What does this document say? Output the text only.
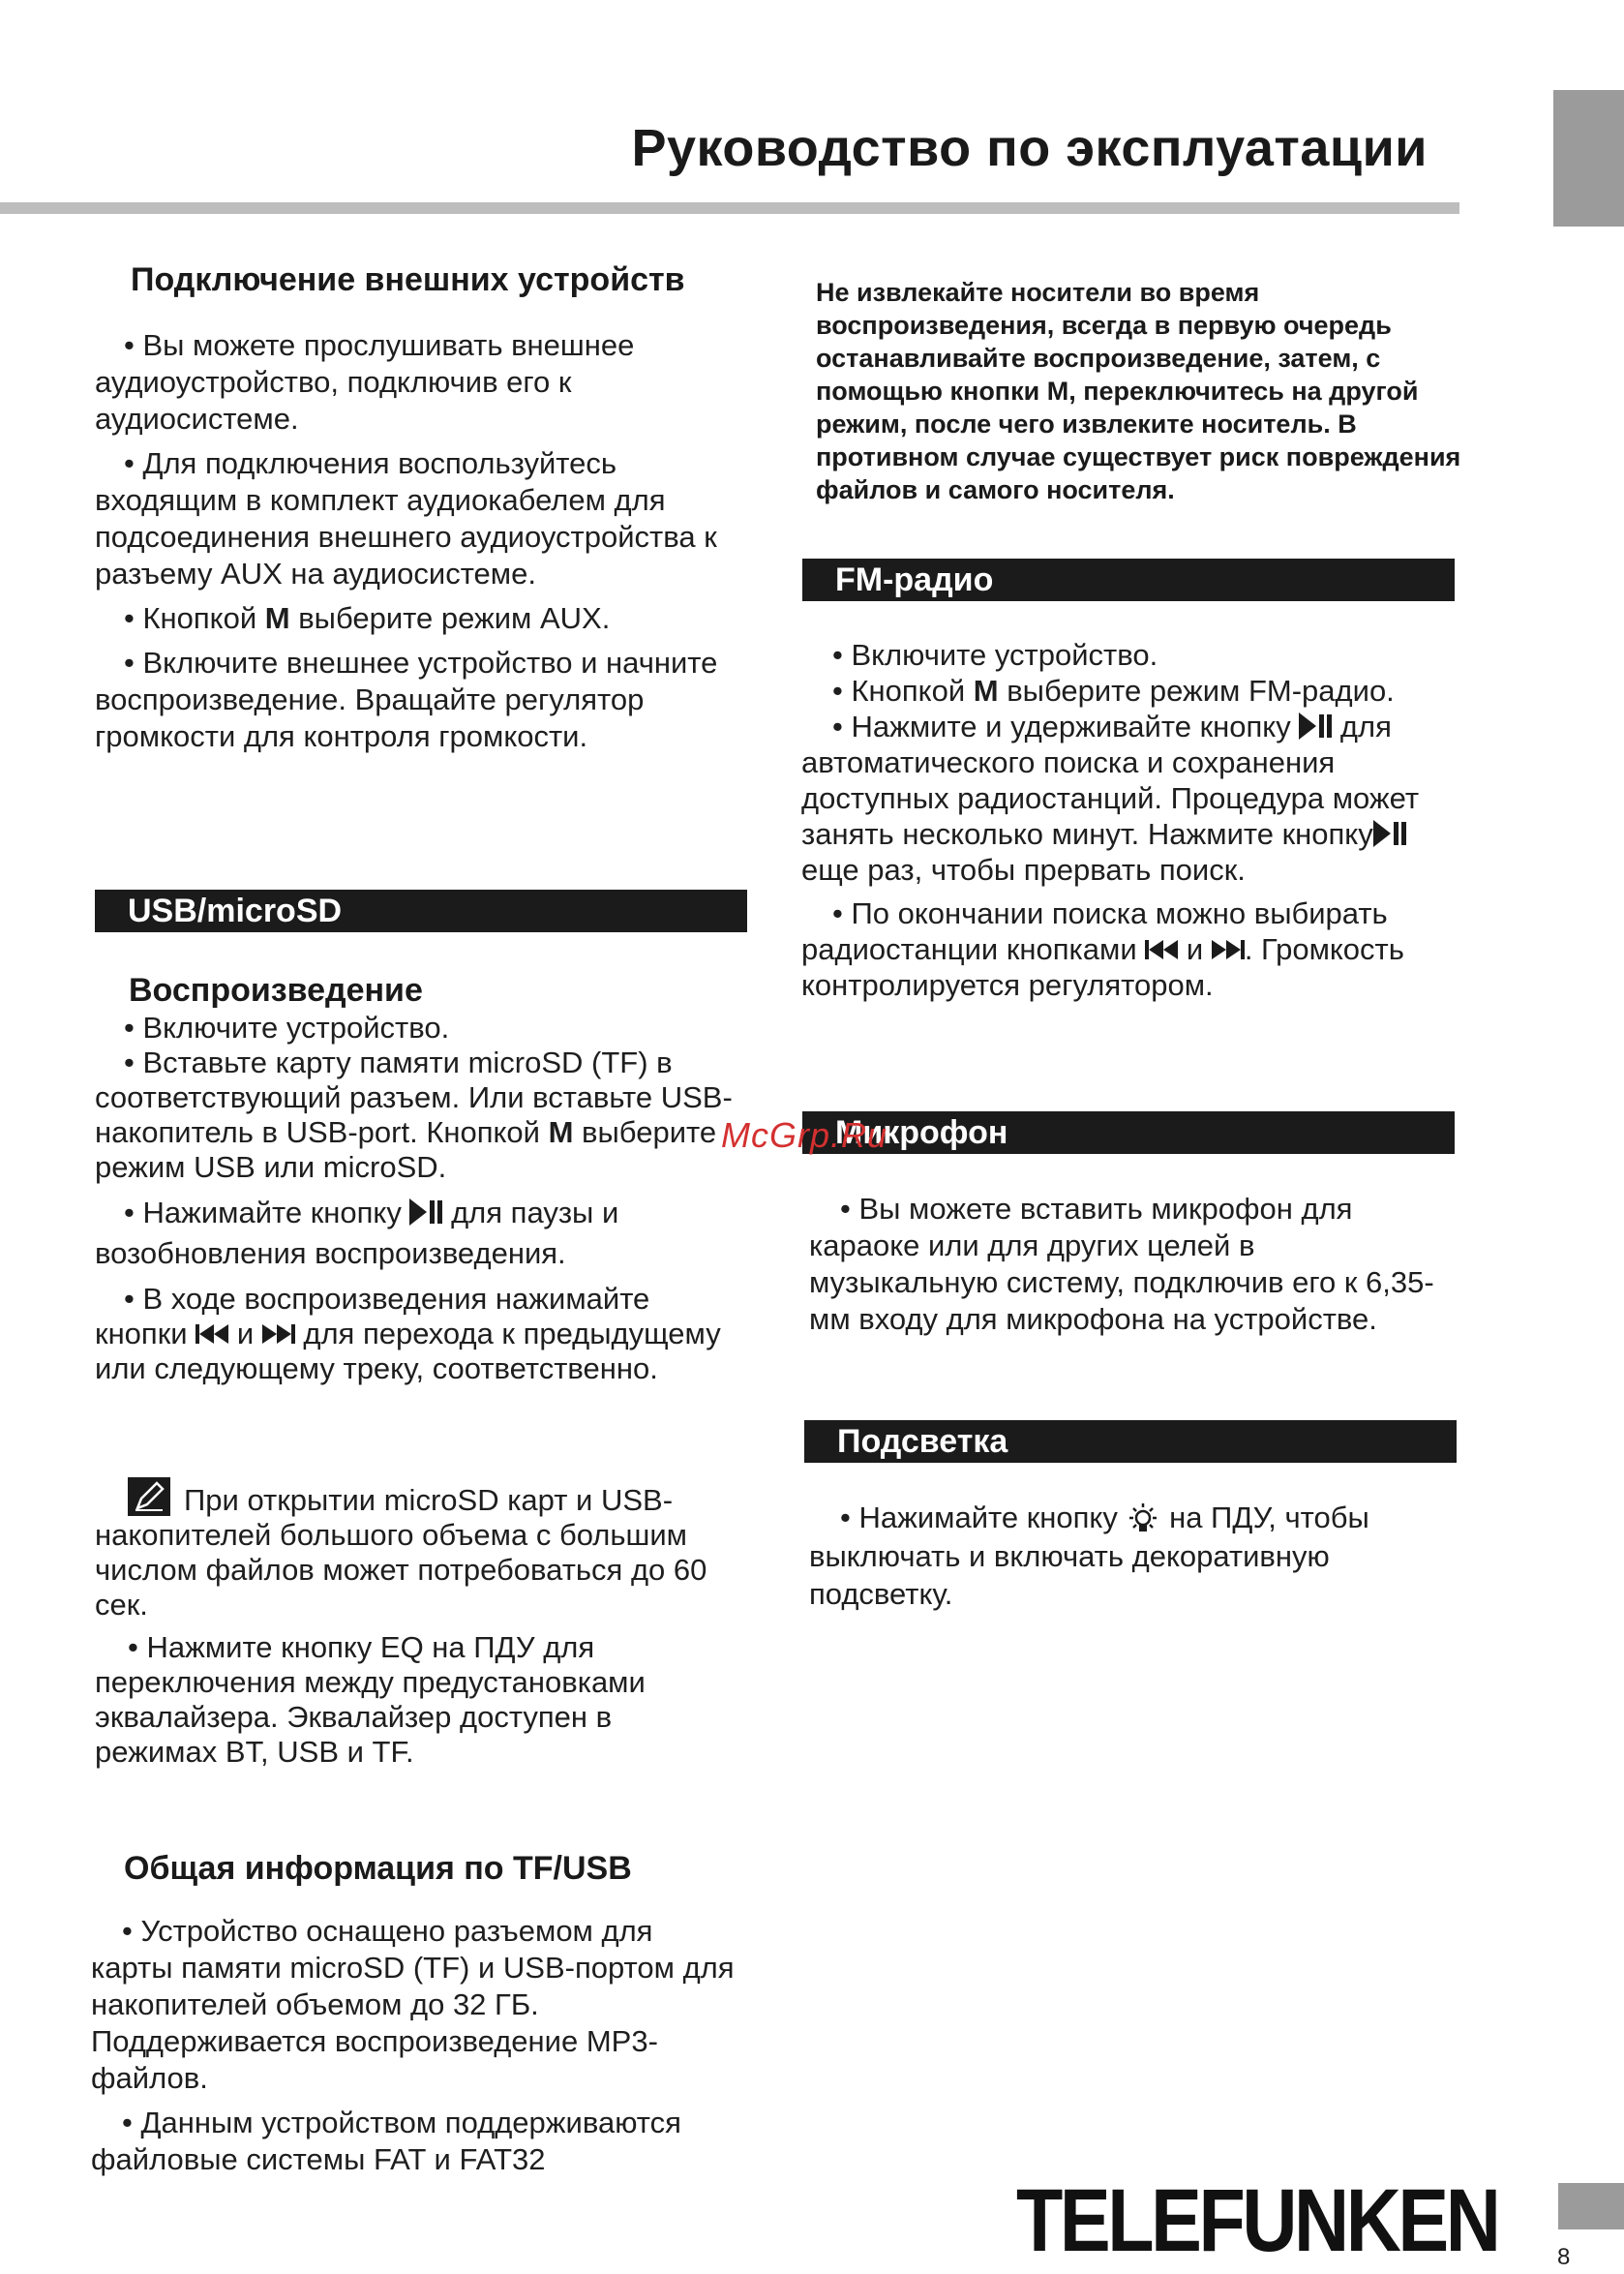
Руководство по эксплуатации
McGrp.Ru
Подключение внешних устройств

• Вы можете прослушивать внешнее аудиоустройство, подключив его к аудиосистеме.

• Для подключения воспользуйтесь входящим в комплект аудиокабелем для подсоединения внешнего аудиоустройства к разъему AUX на аудиосистеме.

• Кнопкой M выберите режим AUX.

• Включите внешнее устройство и начните воспроизведение. Вращайте регулятор громкости для контроля громкости.

USB/microSD
Воспроизведение

• Включите устройство.

• Вставьте карту памяти microSD (TF) в соответствующий разъем. Или вставьте USB-накопитель в USB-port. Кнопкой M выберите режим USB или microSD.

• Нажимайте кнопку  для паузы и возобновления воспроизведения.

• В ходе воспроизведения нажимайте кнопки  и  для перехода к предыдущему или следующему треку, соответственно.

При открытии microSD карт и USB-накопителей большого объема с большим числом файлов может потребоваться до 60 сек.

• Нажмите кнопку EQ на ПДУ для переключения между предустановками эквалайзера. Эквалайзер доступен в режимах BT, USB и TF.

Общая информация по TF/USB

• Устройство оснащено разъемом для карты памяти microSD (TF) и USB-портом для накопителей объемом до 32 ГБ. Поддерживается воспроизведение MP3-файлов.

• Данным устройством поддерживаются файловые системы FAT и FAT32

Не извлекайте носители во время воспроизведения, всегда в первую очередь останавливайте воспроизведение, затем, с помощью кнопки M, переключитесь на другой режим, после чего извлеките носитель. В противном случае существует риск повреждения файлов и самого носителя.
FM-радио

• Включите устройство.

• Кнопкой M выберите режим FM-радио.

• Нажмите и удерживайте кнопку  для автоматического поиска и сохранения доступных радиостанций. Процедура может занять несколько минут. Нажмите кнопку еще раз, чтобы прервать поиск.

• По окончании поиска можно выбирать радиостанции кнопками  и . Громкость контролируется регулятором.

Микрофон

• Вы можете вставить микрофон для караоке или для других целей в музыкальную систему, подключив его к 6,35-мм входу для микрофона на устройстве.

Подсветка

• Нажимайте кнопку  на ПДУ, чтобы выключать и включать декоративную подсветку.

TELEFUNKEN	8
